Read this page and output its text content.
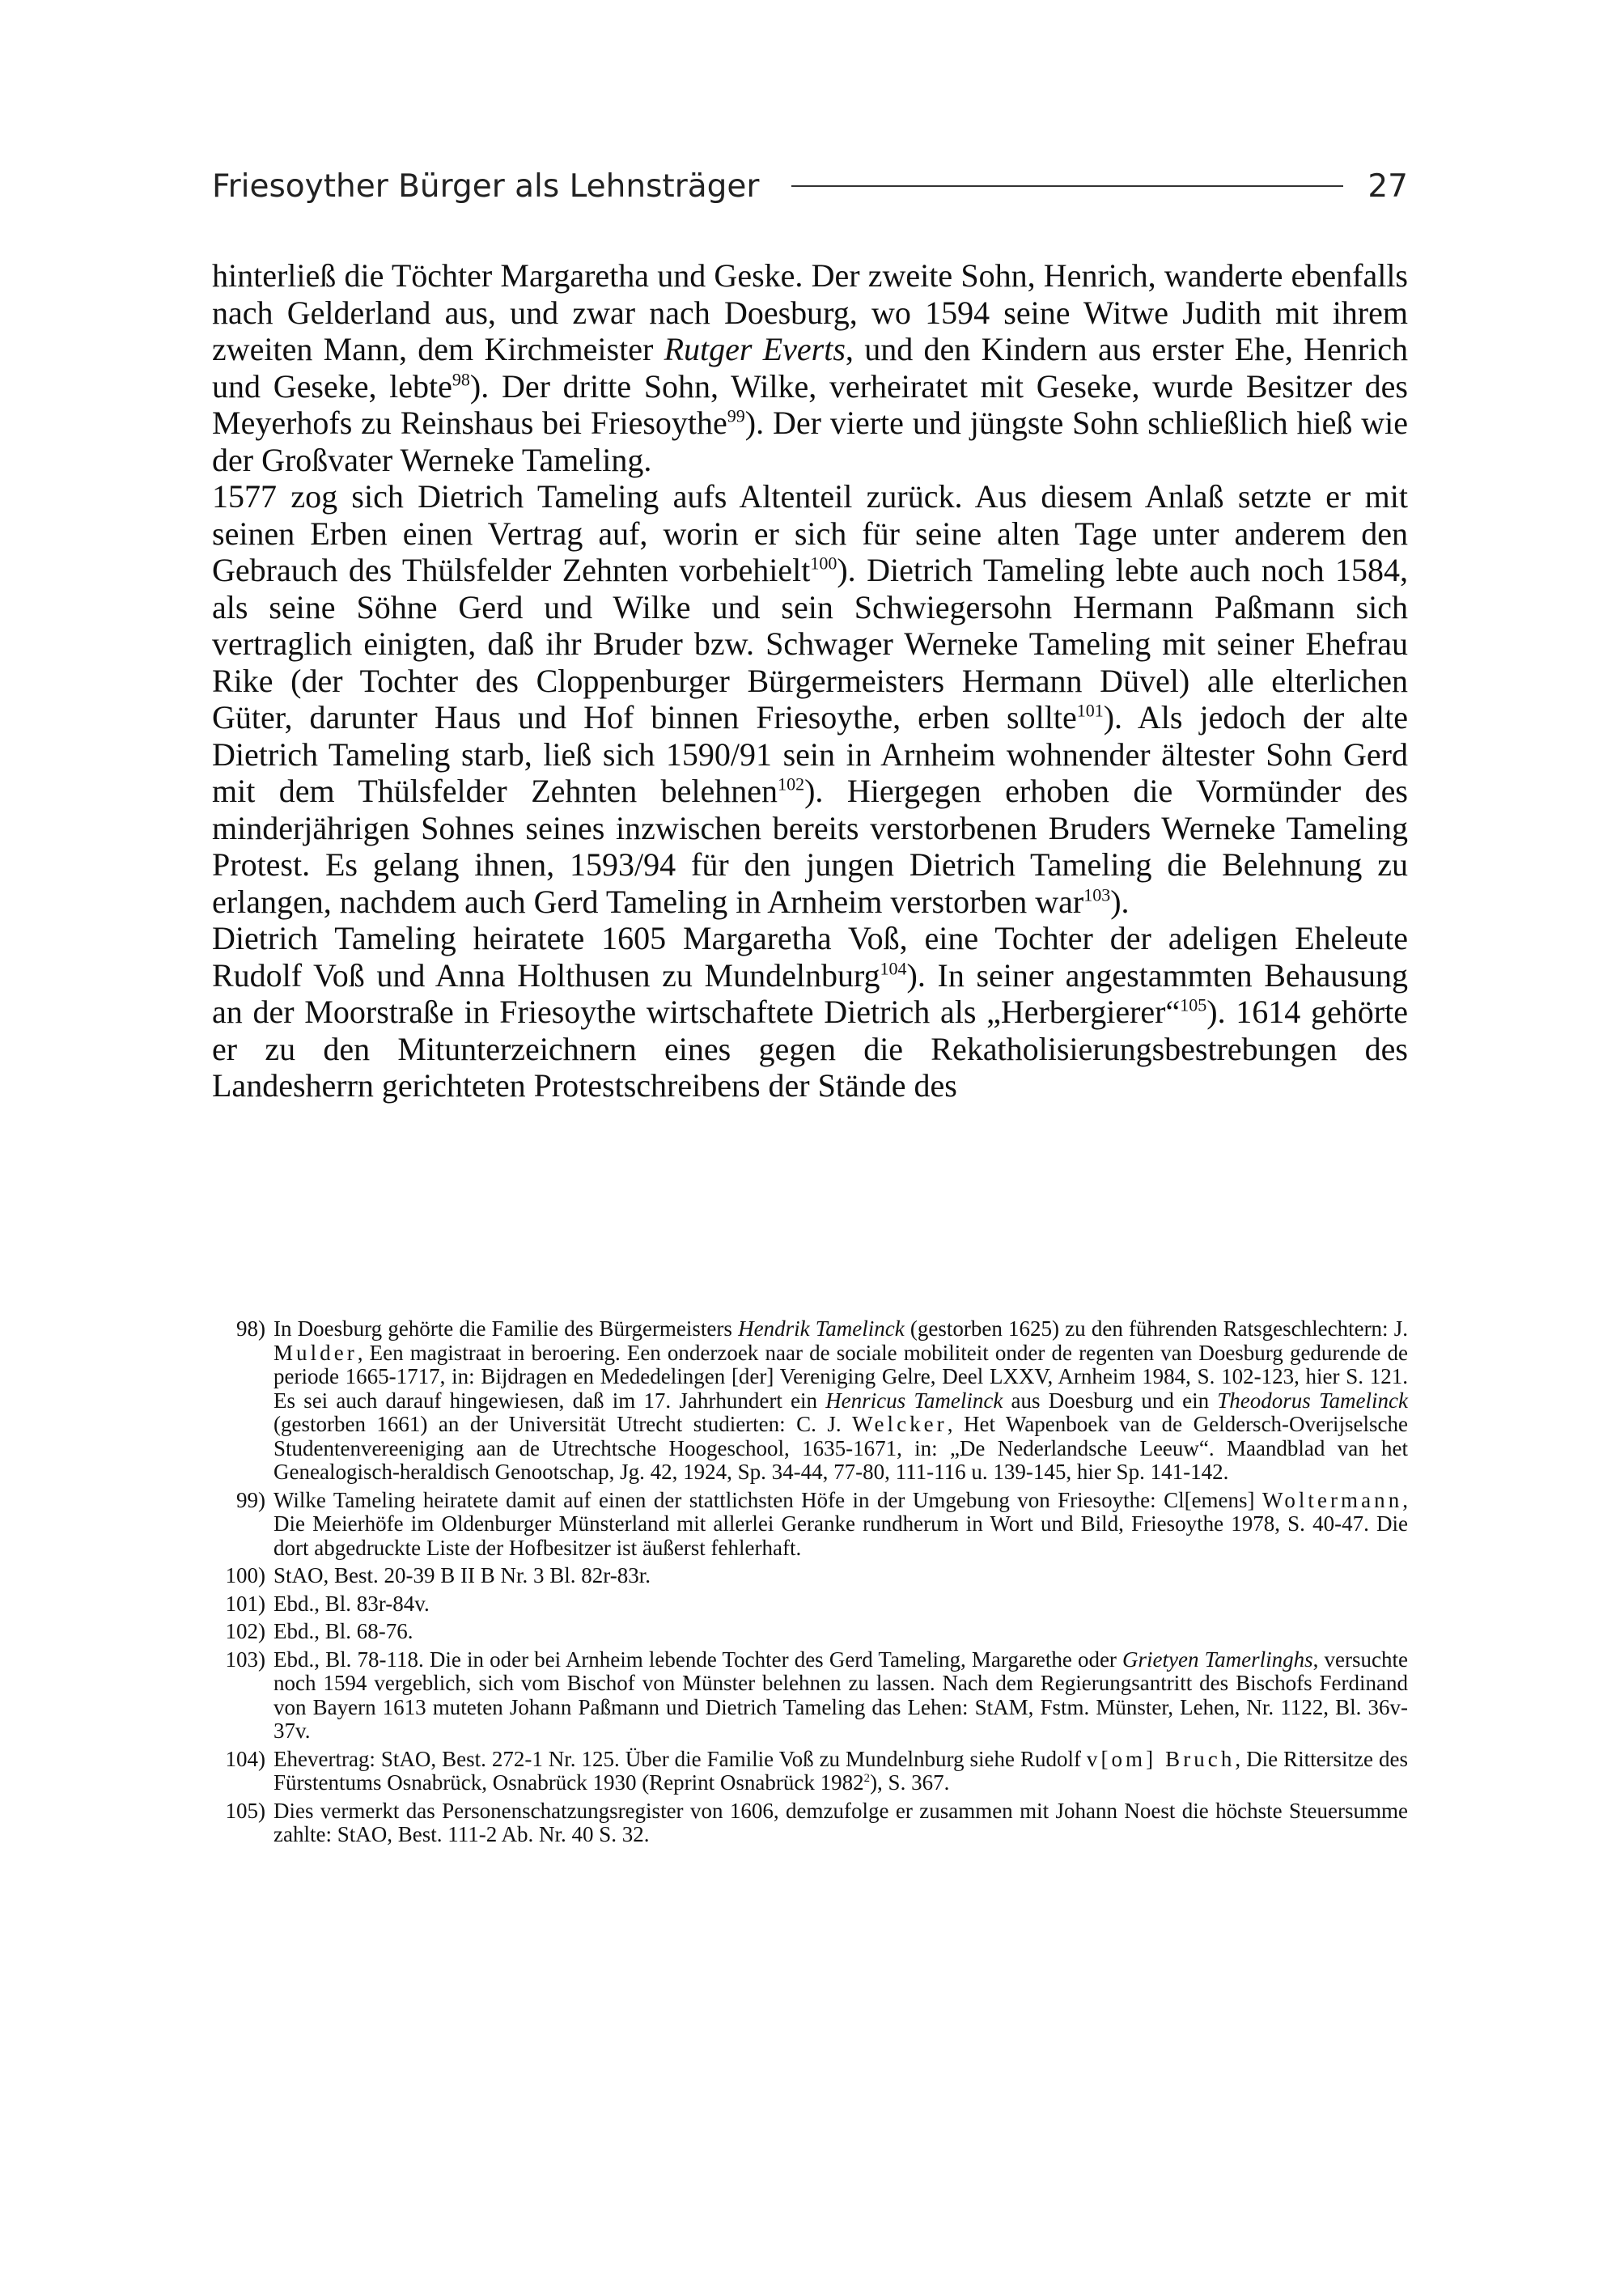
Friesoyther Bürger als Lehnsträger	27

hinterließ die Töchter Margaretha und Geske. Der zweite Sohn, Henrich, wanderte ebenfalls nach Gelderland aus, und zwar nach Doesburg, wo 1594 seine Witwe Judith mit ihrem zweiten Mann, dem Kirchmeister Rutger Everts, und den Kindern aus erster Ehe, Henrich und Geseke, lebte$^{98}$). Der dritte Sohn, Wilke, verheiratet mit Geseke, wurde Besitzer des Meyerhofs zu Reinshaus bei Friesoythe$^{99}$). Der vierte und jüngste Sohn schließlich hieß wie der Großvater Werneke Tameling.

1577 zog sich Dietrich Tameling aufs Altenteil zurück. Aus diesem Anlaß setzte er mit seinen Erben einen Vertrag auf, worin er sich für seine alten Tage unter anderem den Gebrauch des Thülsfelder Zehnten vorbehielt$^{100}$). Dietrich Tameling lebte auch noch 1584, als seine Söhne Gerd und Wilke und sein Schwiegersohn Hermann Paßmann sich vertraglich einigten, daß ihr Bruder bzw. Schwager Werneke Tameling mit seiner Ehefrau Rike (der Tochter des Cloppenburger Bürgermeisters Hermann Düvel) alle elterlichen Güter, darunter Haus und Hof binnen Friesoythe, erben sollte$^{101}$). Als jedoch der alte Dietrich Tameling starb, ließ sich 1590/91 sein in Arnheim wohnender ältester Sohn Gerd mit dem Thülsfelder Zehnten belehnen$^{102}$). Hiergegen erhoben die Vormünder des minderjährigen Sohnes seines inzwischen bereits verstorbenen Bruders Werneke Tameling Protest. Es gelang ihnen, 1593/94 für den jungen Dietrich Tameling die Belehnung zu erlangen, nachdem auch Gerd Tameling in Arnheim verstorben war$^{103}$).

Dietrich Tameling heiratete 1605 Margaretha Voß, eine Tochter der adeligen Eheleute Rudolf Voß und Anna Holthusen zu Mundelnburg$^{104}$). In seiner angestammten Behausung an der Moorstraße in Friesoythe wirtschaftete Dietrich als „Herbergierer“$^{105}$). 1614 gehörte er zu den Mitunterzeichnern eines gegen die Rekatholisierungsbestrebungen des Landesherrn gerichteten Protestschreibens der Stände des

98) In Doesburg gehörte die Familie des Bürgermeisters Hendrik Tamelinck (gestorben 1625) zu den führenden Ratsgeschlechtern: J. Mulder, Een magistraat in beroering. Een onderzoek naar de sociale mobiliteit onder de regenten van Doesburg gedurende de periode 1665-1717, in: Bijdragen en Mededelingen [der] Vereniging Gelre, Deel LXXV, Arnheim 1984, S. 102-123, hier S. 121. Es sei auch darauf hingewiesen, daß im 17. Jahrhundert ein Henricus Tamelinck aus Doesburg und ein Theodorus Tamelinck (gestorben 1661) an der Universität Utrecht studierten: C. J. Welcker, Het Wapenboek van de Geldersch-Overijselsche Studentenvereeniging aan de Utrechtsche Hoogeschool, 1635-1671, in: „De Nederlandsche Leeuw“. Maandblad van het Genealogisch-heraldisch Genootschap, Jg. 42, 1924, Sp. 34-44, 77-80, 111-116 u. 139-145, hier Sp. 141-142.
99) Wilke Tameling heiratete damit auf einen der stattlichsten Höfe in der Umgebung von Friesoythe: Cl[emens] Woltermann, Die Meierhöfe im Oldenburger Münsterland mit allerlei Geranke rundherum in Wort und Bild, Friesoythe 1978, S. 40-47. Die dort abgedruckte Liste der Hofbesitzer ist äußerst fehlerhaft.
100) StAO, Best. 20-39 B II B Nr. 3 Bl. 82r-83r.
101) Ebd., Bl. 83r-84v.
102) Ebd., Bl. 68-76.
103) Ebd., Bl. 78-118. Die in oder bei Arnheim lebende Tochter des Gerd Tameling, Margarethe oder Grietyen Tamerlinghs, versuchte noch 1594 vergeblich, sich vom Bischof von Münster belehnen zu lassen. Nach dem Regierungsantritt des Bischofs Ferdinand von Bayern 1613 muteten Johann Paßmann und Dietrich Tameling das Lehen: StAM, Fstm. Münster, Lehen, Nr. 1122, Bl. 36v-37v.
104) Ehevertrag: StAO, Best. 272-1 Nr. 125. Über die Familie Voß zu Mundelnburg siehe Rudolf v[om] Bruch, Die Rittersitze des Fürstentums Osnabrück, Osnabrück 1930 (Reprint Osnabrück 1982$^2$), S. 367.
105) Dies vermerkt das Personenschatzungsregister von 1606, demzufolge er zusammen mit Johann Noest die höchste Steuersumme zahlte: StAO, Best. 111-2 Ab. Nr. 40 S. 32.
